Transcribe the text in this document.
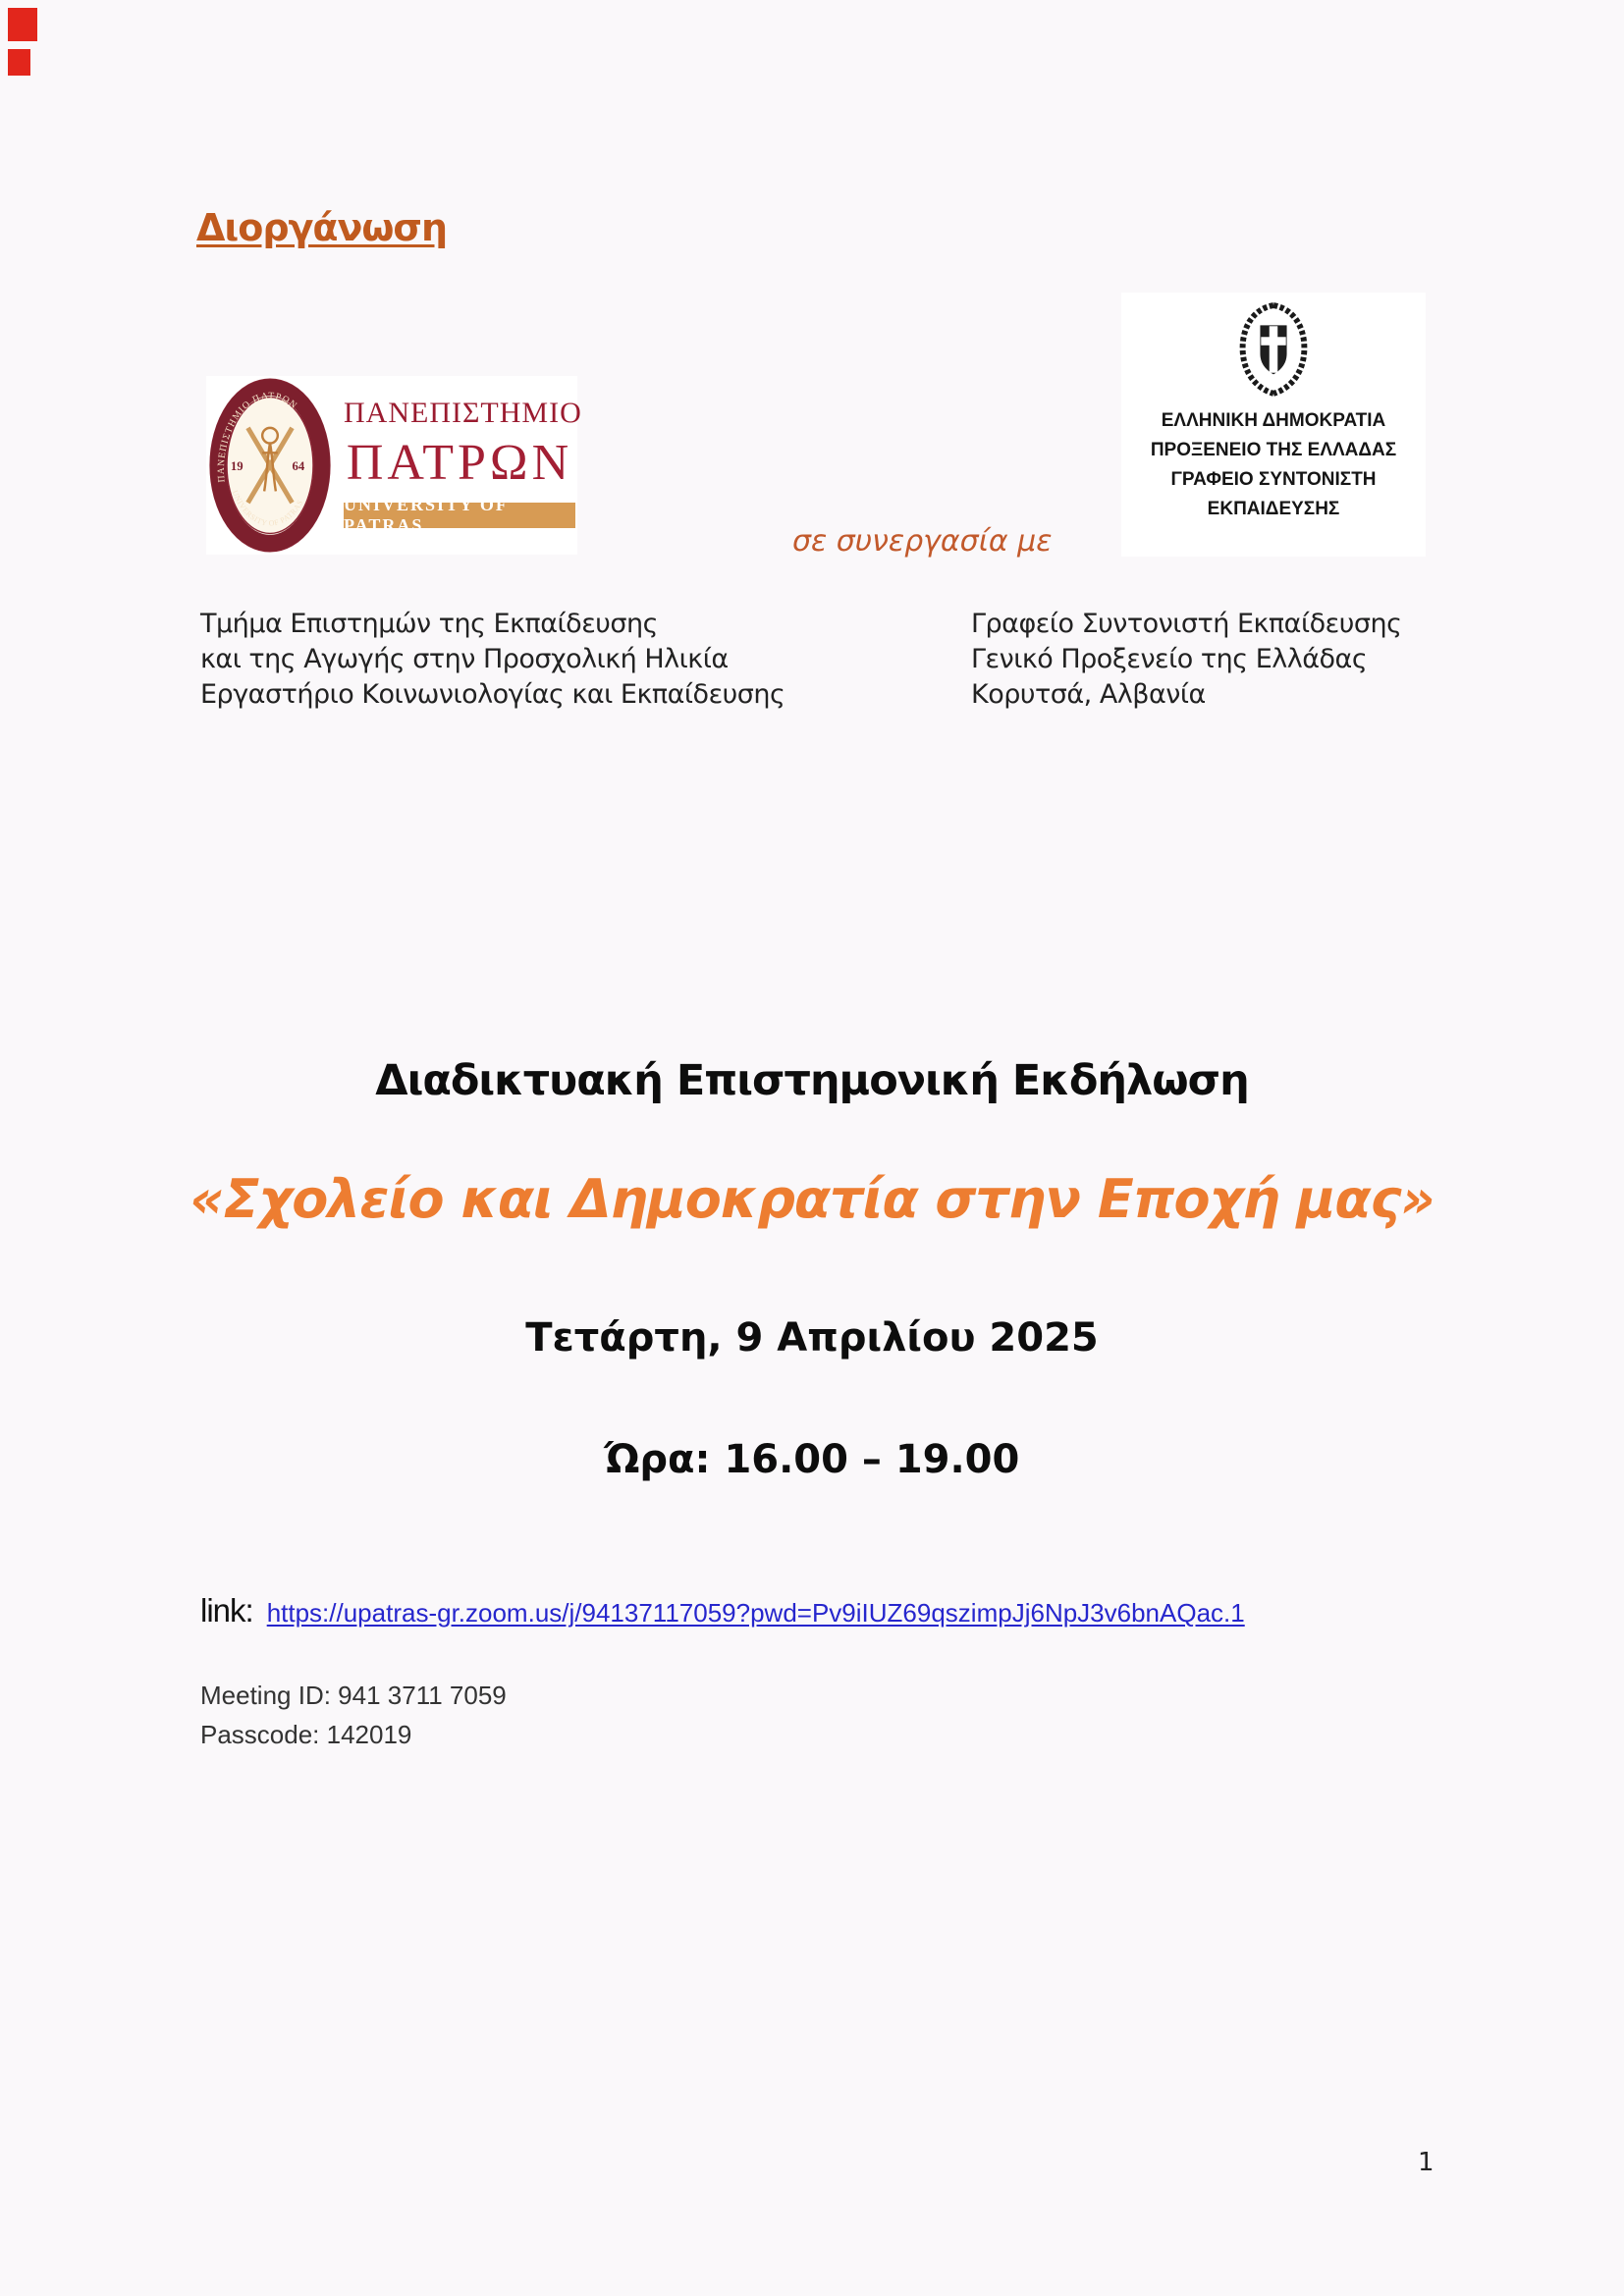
Διοργάνωση
ΠΑΝΕΠΙΣΤΗΜΙΟ ΠΑΤΡΩΝ
UNIVERSITY OF PATRAS
19	64
ΠΑΝΕΠΙΣΤΗΜΙΟ
ΠΑΤΡΩΝ
UNIVERSITY OF PATRAS
ΕΛΛΗΝΙΚΗ ΔΗΜΟΚΡΑΤΙΑ
ΠΡΟΞΕΝΕΙΟ ΤΗΣ ΕΛΛΑΔΑΣ
ΓΡΑΦΕΙΟ ΣΥΝΤΟΝΙΣΤΗ
ΕΚΠΑΙΔΕΥΣΗΣ
σε συνεργασία με
Τμήμα Επιστημών της Εκπαίδευσης
και της Αγωγής στην Προσχολική Ηλικία
Εργαστήριο Κοινωνιολογίας και Εκπαίδευσης
Γραφείο Συντονιστή Εκπαίδευσης
Γενικό Προξενείο της Ελλάδας
Κορυτσά, Αλβανία
Διαδικτυακή Επιστημονική Εκδήλωση
«Σχολείο και Δημοκρατία στην Εποχή μας»
Τετάρτη, 9 Απριλίου 2025
Ώρα: 16.00 – 19.00
link: https://upatras-gr.zoom.us/j/94137117059?pwd=Pv9iIUZ69qszimpJj6NpJ3v6bnAQac.1
Meeting ID: 941 3711 7059
Passcode: 142019
1
